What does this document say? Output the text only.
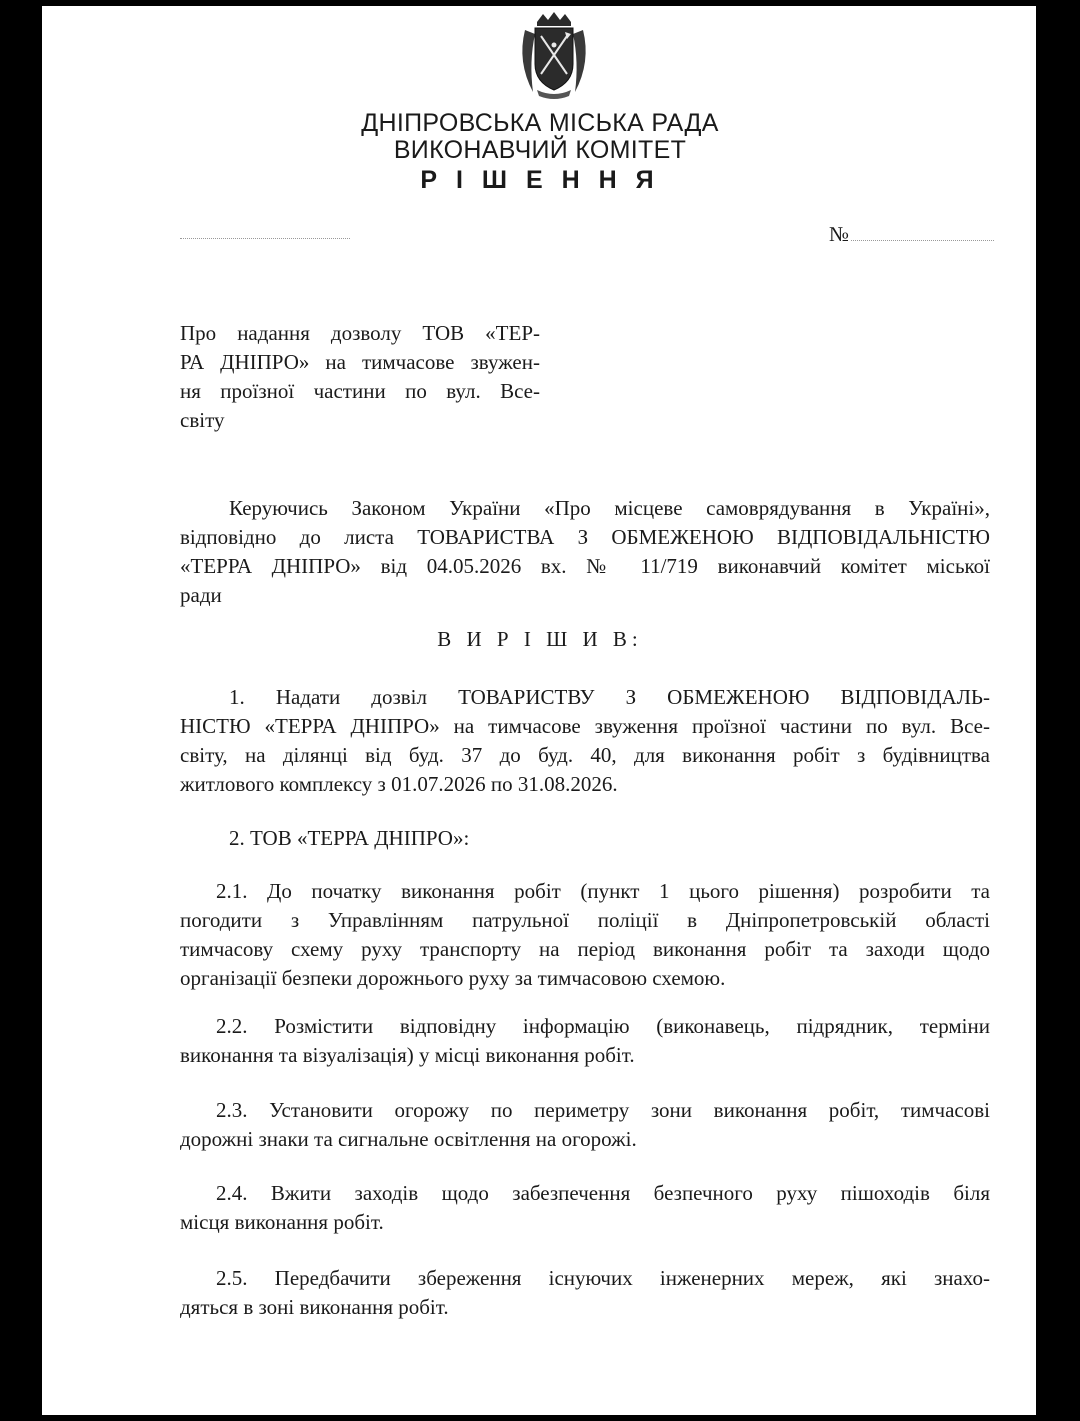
ДНІПРОВСЬКА МІСЬКА РАДА
ВИКОНАВЧИЙ КОМІТЕТ
Р І Ш Е Н Н Я
№
Про надання дозволу ТОВ «ТЕР-
РА ДНІПРО» на тимчасове звужен-
ня проїзної частини по вул. Все-
світу
Керуючись Законом України «Про місцеве самоврядування в Україні»,
відповідно до листа ТОВАРИСТВА З ОБМЕЖЕНОЮ ВІДПОВІДАЛЬНІСТЮ
«ТЕРРА ДНІПРО» від 04.05.2026 вх. № 11/719 виконавчий комітет міської
ради
В И Р І Ш И В:
1. Надати дозвіл ТОВАРИСТВУ З ОБМЕЖЕНОЮ ВІДПОВІДАЛЬ-
НІСТЮ «ТЕРРА ДНІПРО» на тимчасове звуження проїзної частини по вул. Все-
світу, на ділянці від буд. 37 до буд. 40, для виконання робіт з будівництва
житлового комплексу з 01.07.2026 по 31.08.2026.
2. ТОВ «ТЕРРА ДНІПРО»:
2.1. До початку виконання робіт (пункт 1 цього рішення) розробити та
погодити з Управлінням патрульної поліції в Дніпропетровській області
тимчасову схему руху транспорту на період виконання робіт та заходи щодо
організації безпеки дорожнього руху за тимчасовою схемою.
2.2. Розмістити відповідну інформацію (виконавець, підрядник, терміни
виконання та візуалізація) у місці виконання робіт.
2.3. Установити огорожу по периметру зони виконання робіт, тимчасові
дорожні знаки та сигнальне освітлення на огорожі.
2.4. Вжити заходів щодо забезпечення безпечного руху пішоходів біля
місця виконання робіт.
2.5. Передбачити збереження існуючих інженерних мереж, які знахо-
дяться в зоні виконання робіт.
